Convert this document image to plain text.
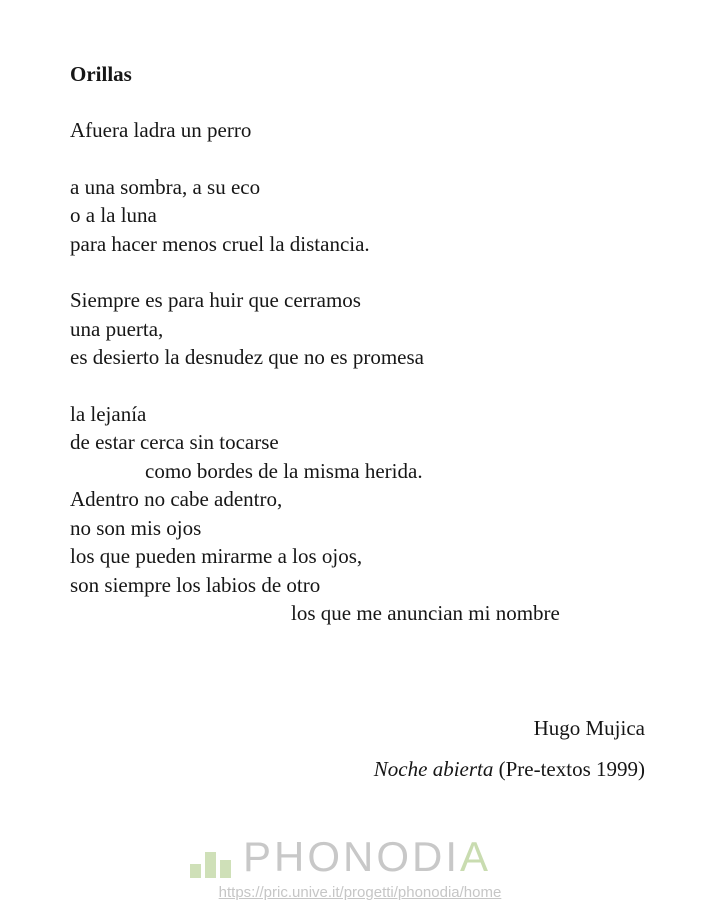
Orillas
Afuera ladra un perro
a una sombra, a su eco
o a la luna
para hacer menos cruel la distancia.
Siempre es para huir que cerramos
una puerta,
es desierto la desnudez que no es promesa
la lejanía
de estar cerca sin tocarse
como bordes de la misma herida.
Adentro no cabe adentro,
no son mis ojos
los que pueden mirarme a los ojos,
son siempre los labios de otro
los que me anuncian mi nombre
Hugo Mujica
Noche abierta (Pre-textos 1999)
PHONODIA
https://pric.unive.it/progetti/phonodia/home
